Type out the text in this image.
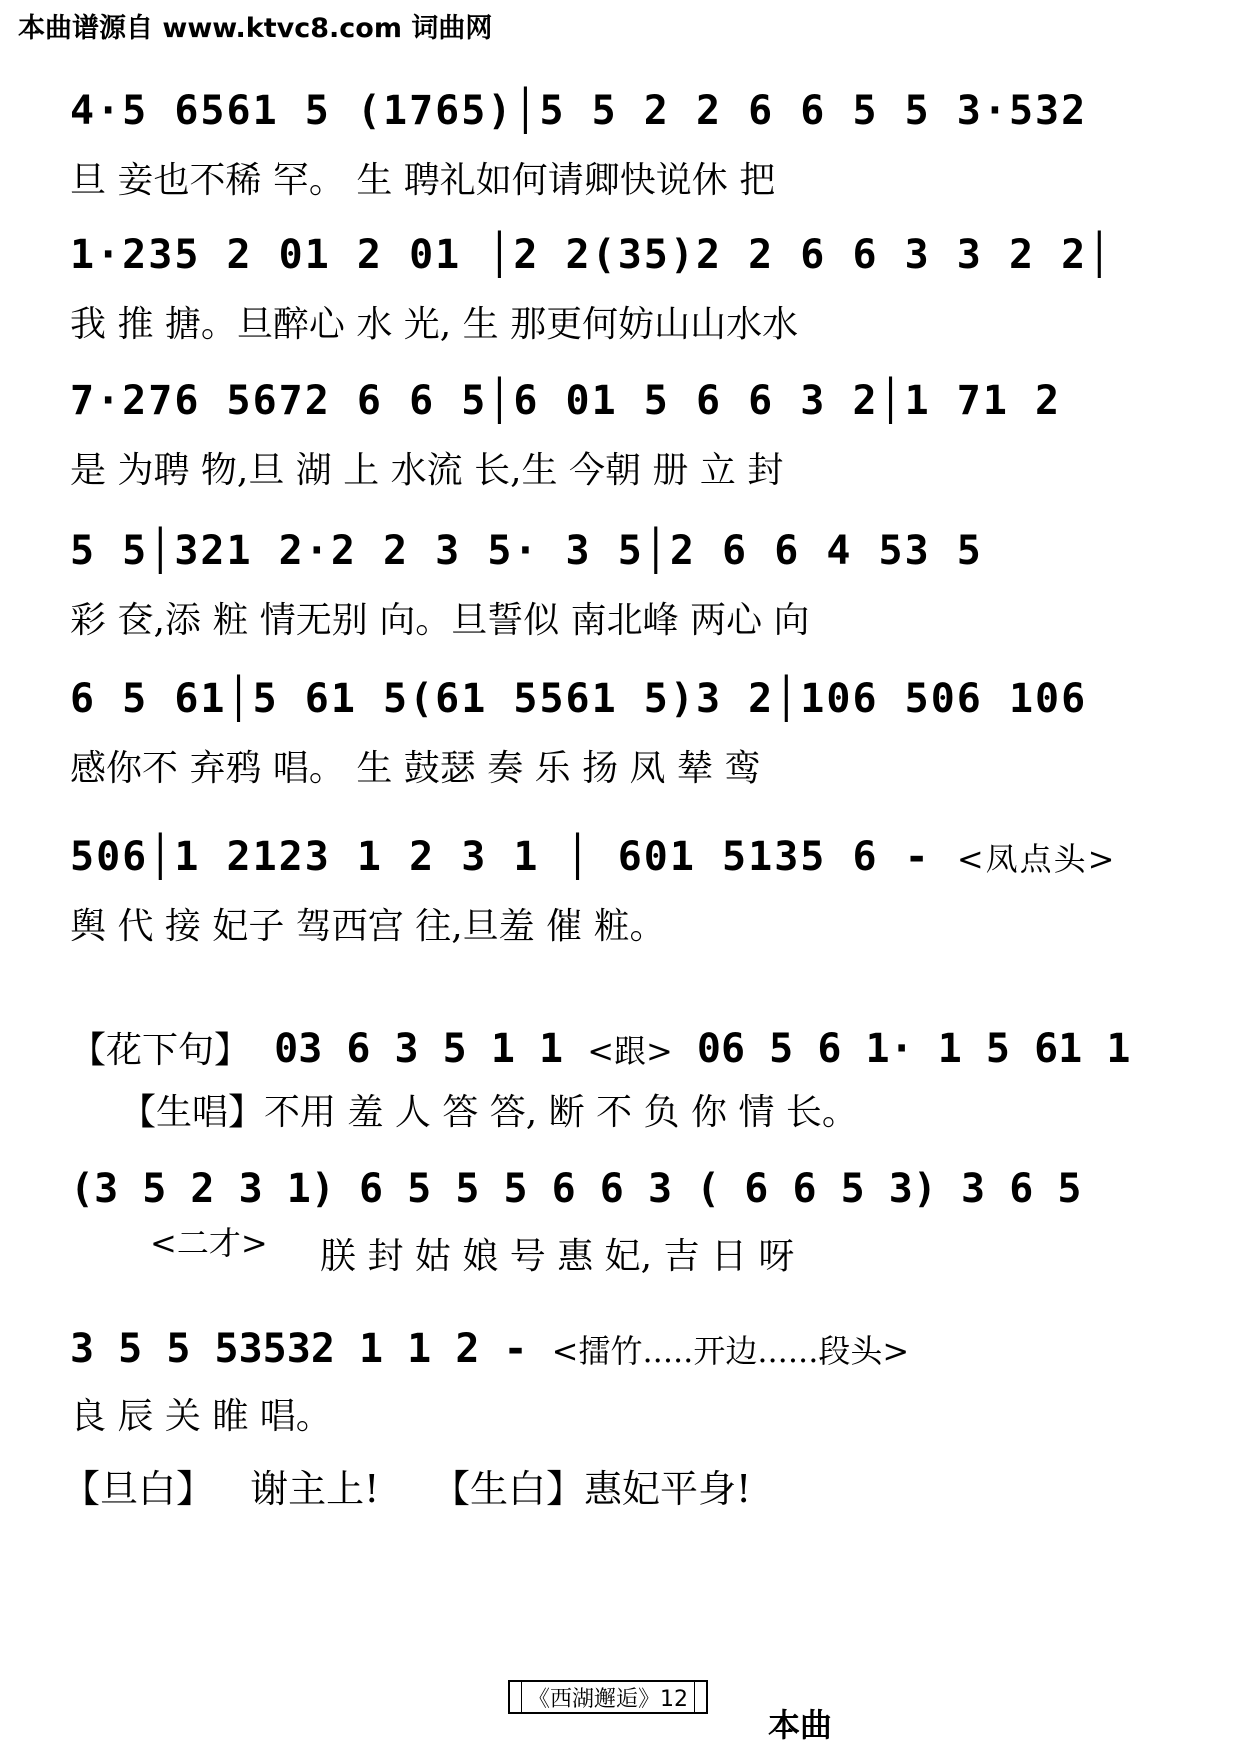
本曲谱源自 www.ktvc8.com 词曲网
4·5 6561 5 (1765)│5 5 2 2 6 6 5 5 3·532
旦 妾也不稀 罕。 生 聘礼如何请卿快说休 把
1·235 2 01 2 01 │2 2(35)2 2 6 6 3 3 2 2│
我 推 搪。旦醉心 水 光, 生 那更何妨山山水水
7·276 5672 6 6 5│6 01 5 6 6 3 2│1 71 2
是 为聘 物,旦 湖 上 水流 长,生 今朝 册 立 封
5 5│321 2·2 2 3 5· 3 5│2 6 6 4 53 5
彩 奁,添 粧 情无别 向。旦誓似 南北峰 两心 向
6 5 61│5 61 5(61 5561 5)3 2│106 506 106
感你不 弃鸦 唱。 生 鼓瑟 奏 乐 扬 凤 辇 鸾
506│1 2123 1 2 3 1 │ 601 5135 6 - <凤点头>
舆 代 接 妃子 驾西宫 往,旦羞 催 粧。
【花下句】 03 6 3 5 1 1 <跟> 06 5 6 1· 1 5 61 1
【生唱】不用 羞 人 答 答, 断 不 负 你 情 长。
(3 5 2 3 1) 6 5 5 5 6 6 3 ( 6 6 5 3) 3 6 5
<二才> 朕 封 姑 娘 号 惠 妃, 吉 日 呀
3 5 5 53532 1 1 2 - <擂竹.....开边......段头>
良 辰 关 睢 唱。
【旦白】 谢主上! 【生白】惠妃平身!
《西湖邂逅》12
本曲
